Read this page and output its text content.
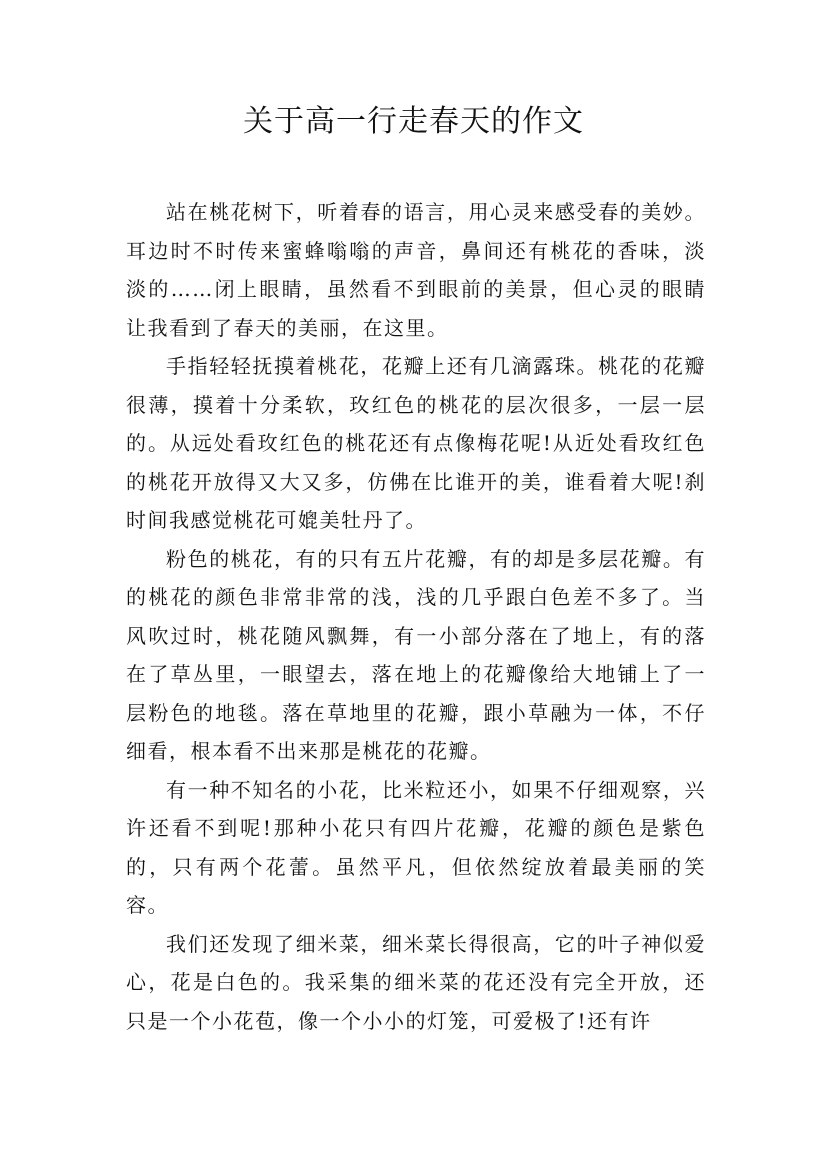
关于高一行走春天的作文

站在桃花树下，听着春的语言，用心灵来感受春的美妙。耳边时不时传来蜜蜂嗡嗡的声音，鼻间还有桃花的香味，淡淡的……闭上眼睛，虽然看不到眼前的美景，但心灵的眼睛让我看到了春天的美丽，在这里。

手指轻轻抚摸着桃花，花瓣上还有几滴露珠。桃花的花瓣很薄，摸着十分柔软，玫红色的桃花的层次很多，一层一层的。从远处看玫红色的桃花还有点像梅花呢!从近处看玫红色的桃花开放得又大又多，仿佛在比谁开的美，谁看着大呢!刹时间我感觉桃花可媲美牡丹了。

粉色的桃花，有的只有五片花瓣，有的却是多层花瓣。有的桃花的颜色非常非常的浅，浅的几乎跟白色差不多了。当风吹过时，桃花随风飘舞，有一小部分落在了地上，有的落在了草丛里，一眼望去，落在地上的花瓣像给大地铺上了一层粉色的地毯。落在草地里的花瓣，跟小草融为一体，不仔细看，根本看不出来那是桃花的花瓣。

有一种不知名的小花，比米粒还小，如果不仔细观察，兴许还看不到呢!那种小花只有四片花瓣，花瓣的颜色是紫色的，只有两个花蕾。虽然平凡，但依然绽放着最美丽的笑容。

我们还发现了细米菜，细米菜长得很高，它的叶子神似爱心，花是白色的。我采集的细米菜的花还没有完全开放，还只是一个小花苞，像一个小小的灯笼，可爱极了!还有许
